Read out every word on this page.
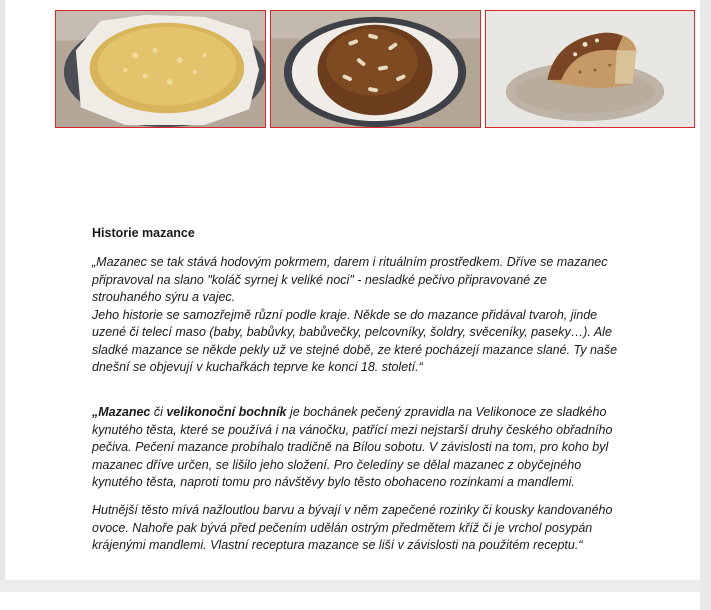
Historie mazance

„Mazanec se tak stává hodovým pokrmem, darem i rituálním prostředkem. Dříve se mazanec
připravoval na slano "koláč syrnej k veliké noci" - nesladké pečivo připravované ze
strouhaného sýru a vajec.
Jeho historie se samozřejmě různí podle kraje. Někde se do mazance přidával tvaroh, jinde
uzené či telecí maso (baby, babůvky, babůvečky, pelcovníky, šoldry, svěceníky, paseky…). Ale
sladké mazance se někde pekly už ve stejné době, ze které pocházejí mazance slané. Ty naše
dnešní se objevují v kuchařkách teprve ke konci 18. století.“

„Mazanec či velikonoční bochník je bochánek pečený zpravidla na Velikonoce ze sladkého
kynutého těsta, které se používá i na vánočku, patřící mezi nejstarší druhy českého obřadního
pečiva. Pečení mazance probíhalo tradičně na Bílou sobotu. V závislosti na tom, pro koho byl
mazanec dříve určen, se lišilo jeho složení. Pro čeledíny se dělal mazanec z obyčejného
kynutého těsta, naproti tomu pro návštěvy bylo těsto obohaceno rozinkami a mandlemi.

Hutnější těsto mívá nažloutlou barvu a bývají v něm zapečené rozinky či kousky kandovaného
ovoce. Nahoře pak bývá před pečením udělán ostrým předmětem kříž či je vrchol posypán
krájenými mandlemi. Vlastní receptura mazance se liší v závislosti na použitém receptu.“
